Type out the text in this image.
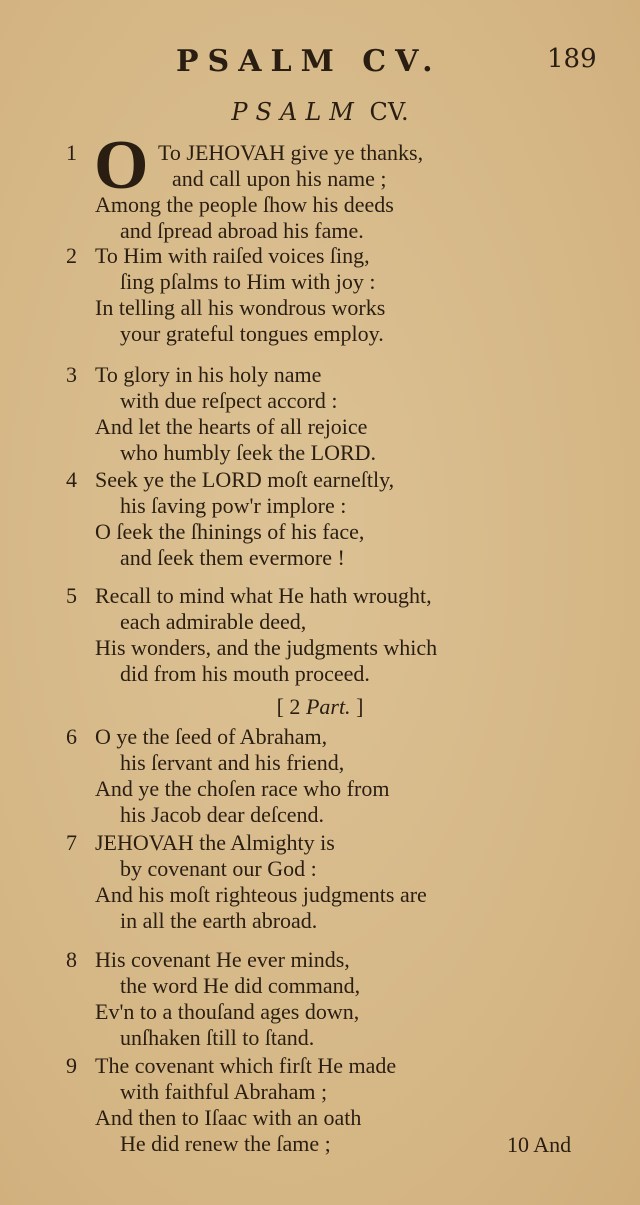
PSALM CV.	189
PSALM CV.
1 O To JEHOVAH give ye thanks,
and call upon his name ;
Among the people ſhow his deeds
and ſpread abroad his fame.
2 To Him with raiſed voices ſing,
ſing pſalms to Him with joy :
In telling all his wondrous works
your grateful tongues employ.
3 To glory in his holy name
with due reſpect accord :
And let the hearts of all rejoice
who humbly ſeek the LORD.
4 Seek ye the LORD moſt earneſtly,
his ſaving pow'r implore :
O ſeek the ſhinings of his face,
and ſeek them evermore !
5 Recall to mind what He hath wrought,
each admirable deed,
His wonders, and the judgments which
did from his mouth proceed.
[ 2 Part. ]
6 O ye the ſeed of Abraham,
his ſervant and his friend,
And ye the choſen race who from
his Jacob dear deſcend.
7 JEHOVAH the Almighty is
by covenant our God :
And his moſt righteous judgments are
in all the earth abroad.
8 His covenant He ever minds,
the word He did command,
Ev'n to a thouſand ages down,
unſhaken ſtill to ſtand.
9 The covenant which firſt He made
with faithful Abraham ;
And then to Iſaac with an oath
He did renew the ſame ;	10 And
